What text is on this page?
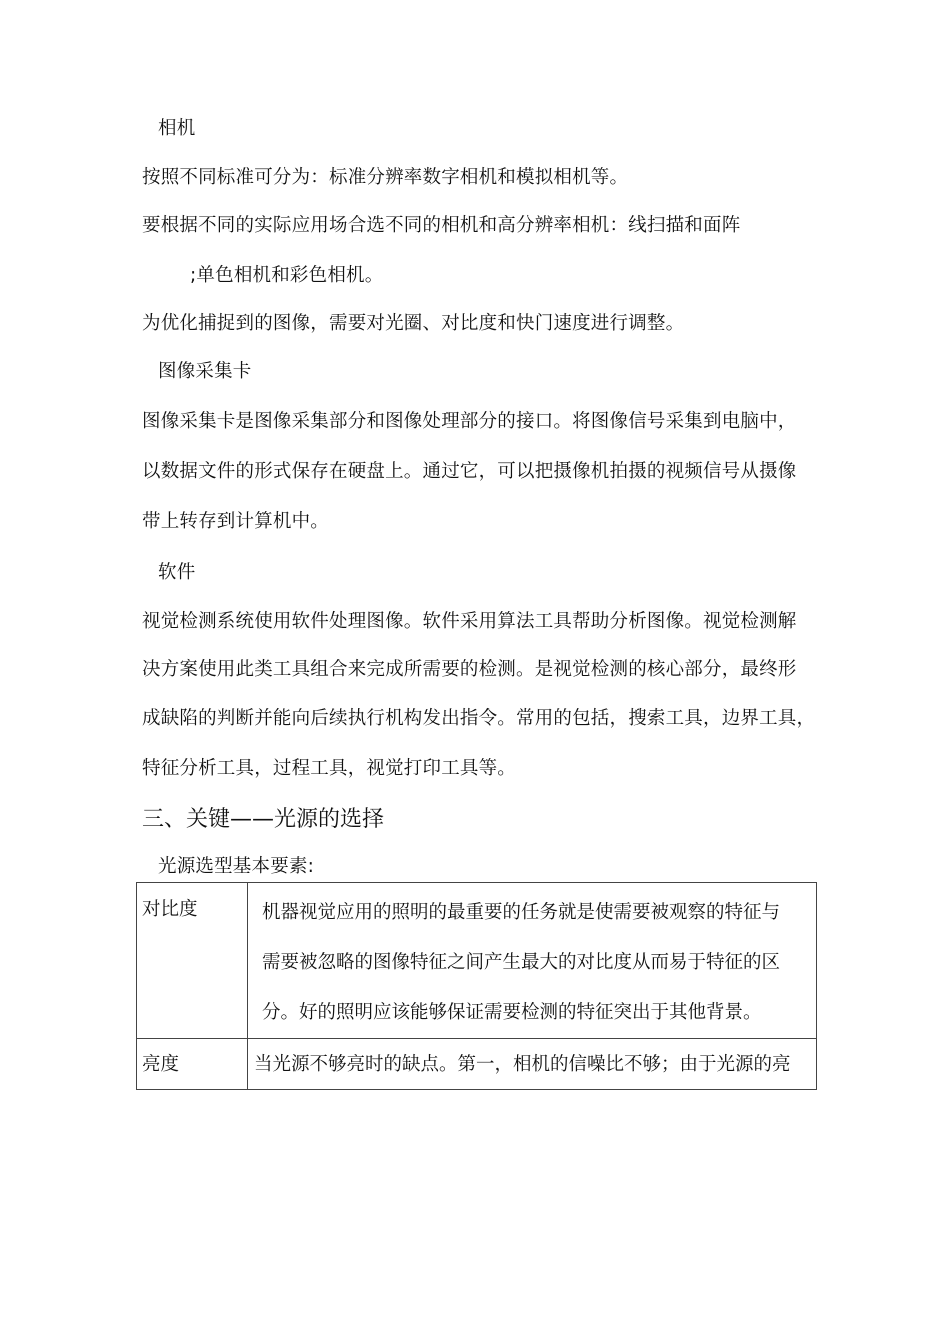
相机
按照不同标准可分为：标准分辨率数字相机和模拟相机等。
要根据不同的实际应用场合选不同的相机和高分辨率相机：线扫描和面阵
;单色相机和彩色相机。
为优化捕捉到的图像，需要对光圈、对比度和快门速度进行调整。
图像采集卡
图像采集卡是图像采集部分和图像处理部分的接口。将图像信号采集到电脑中，
以数据文件的形式保存在硬盘上。通过它，可以把摄像机拍摄的视频信号从摄像
带上转存到计算机中。
软件
视觉检测系统使用软件处理图像。软件采用算法工具帮助分析图像。视觉检测解
决方案使用此类工具组合来完成所需要的检测。是视觉检测的核心部分，最终形
成缺陷的判断并能向后续执行机构发出指令。常用的包括，搜索工具，边界工具，
特征分析工具，过程工具，视觉打印工具等。
三、关键——光源的选择
光源选型基本要素:
对比度	机器视觉应用的照明的最重要的任务就是使需要被观察的特征与
需要被忽略的图像特征之间产生最大的对比度从而易于特征的区
分。好的照明应该能够保证需要检测的特征突出于其他背景。

亮度	当光源不够亮时的缺点。第一，相机的信噪比不够；由于光源的亮
